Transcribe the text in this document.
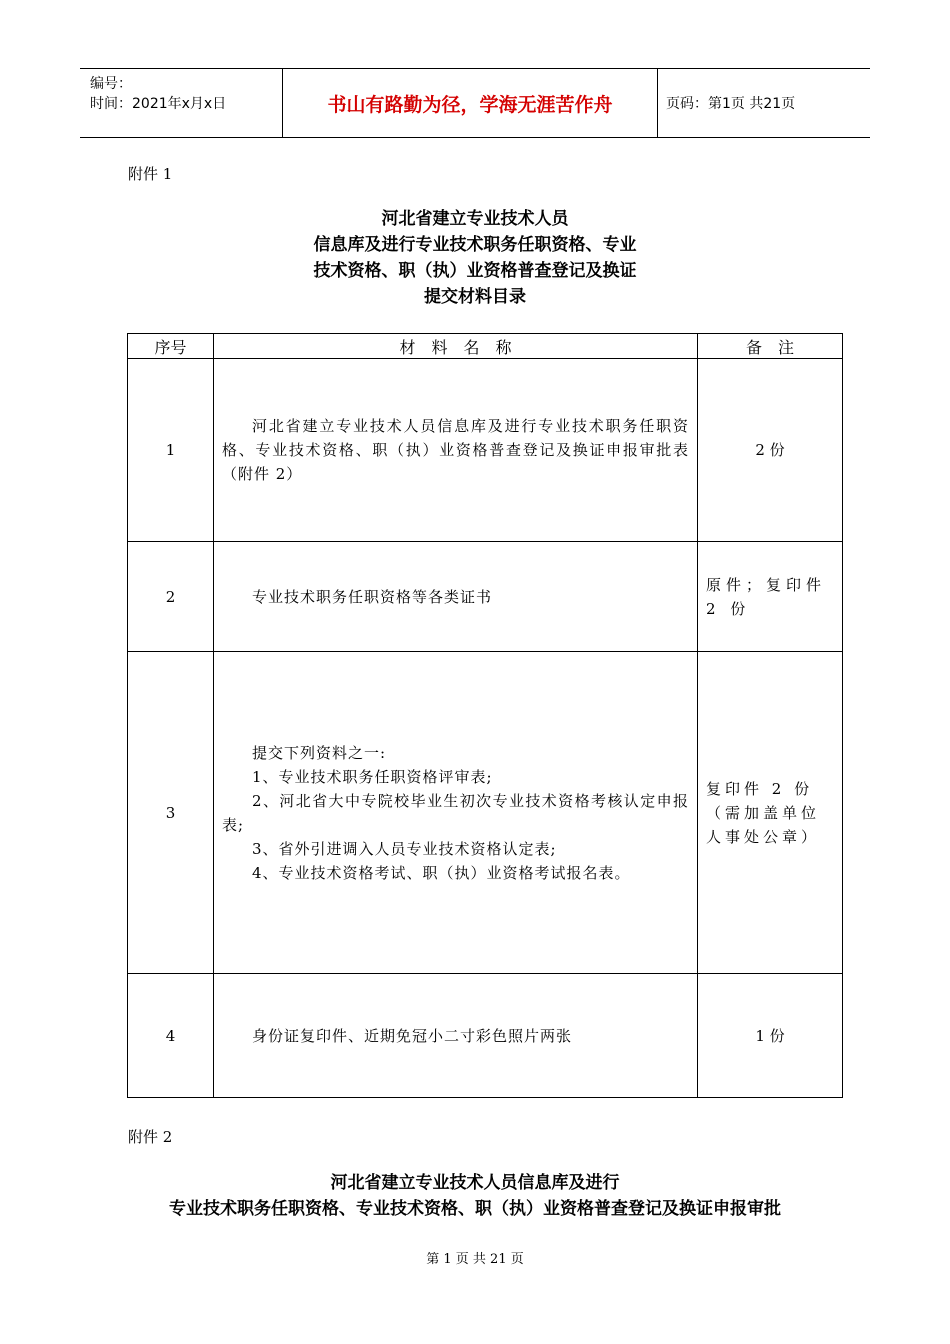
编号：
时间：2021年x月x日	书山有路勤为径，学海无涯苦作舟	页码：第1页 共21页
附件 1
河北省建立专业技术人员
信息库及进行专业技术职务任职资格、专业
技术资格、职（执）业资格普查登记及换证
提交材料目录
序号	材　料　名　称	备　注
1	河北省建立专业技术人员信息库及进行专业技术职务任职资格、专业技术资格、职（执）业资格普查登记及换证申报审批表（附件 2）	2 份
2	专业技术职务任职资格等各类证书	原件；复印件 2 份
3	提交下列资料之一:
1、专业技术职务任职资格评审表;
2、河北省大中专院校毕业生初次专业技术资格考核认定申报表;
3、省外引进调入人员专业技术资格认定表;
4、专业技术资格考试、职（执）业资格考试报名表。	复印件 2 份（需加盖单位人事处公章）
4	身份证复印件、近期免冠小二寸彩色照片两张	1 份
附件 2
河北省建立专业技术人员信息库及进行
专业技术职务任职资格、专业技术资格、职（执）业资格普查登记及换证申报审批
第 1 页 共 21 页
